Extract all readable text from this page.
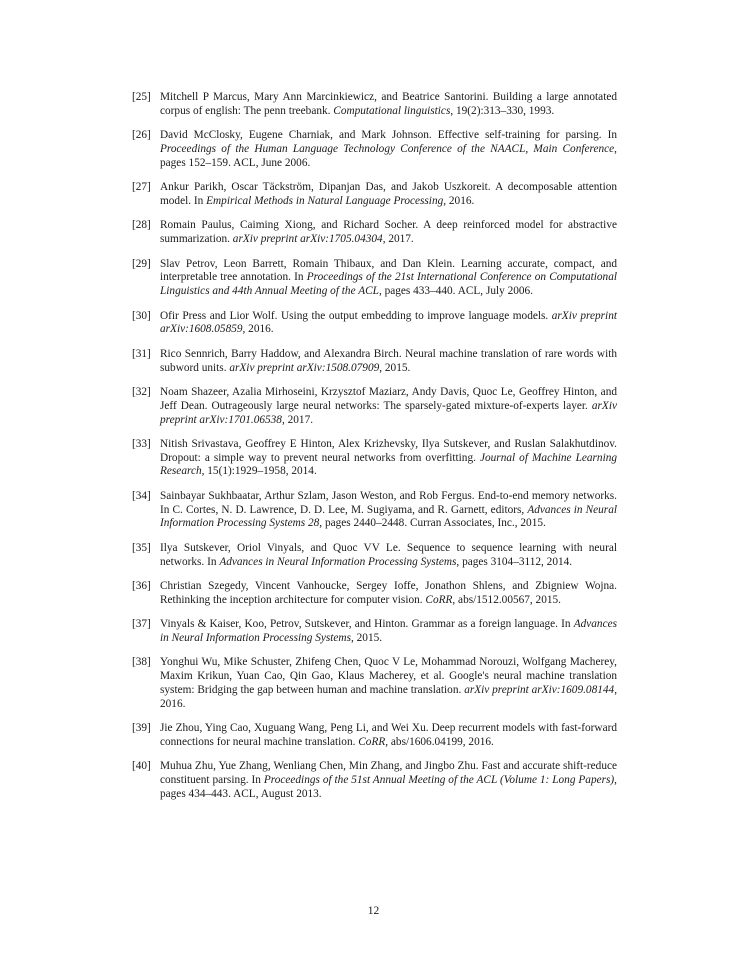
[25] Mitchell P Marcus, Mary Ann Marcinkiewicz, and Beatrice Santorini. Building a large annotated corpus of english: The penn treebank. Computational linguistics, 19(2):313–330, 1993.
[26] David McClosky, Eugene Charniak, and Mark Johnson. Effective self-training for parsing. In Proceedings of the Human Language Technology Conference of the NAACL, Main Conference, pages 152–159. ACL, June 2006.
[27] Ankur Parikh, Oscar Täckström, Dipanjan Das, and Jakob Uszkoreit. A decomposable attention model. In Empirical Methods in Natural Language Processing, 2016.
[28] Romain Paulus, Caiming Xiong, and Richard Socher. A deep reinforced model for abstractive summarization. arXiv preprint arXiv:1705.04304, 2017.
[29] Slav Petrov, Leon Barrett, Romain Thibaux, and Dan Klein. Learning accurate, compact, and interpretable tree annotation. In Proceedings of the 21st International Conference on Computational Linguistics and 44th Annual Meeting of the ACL, pages 433–440. ACL, July 2006.
[30] Ofir Press and Lior Wolf. Using the output embedding to improve language models. arXiv preprint arXiv:1608.05859, 2016.
[31] Rico Sennrich, Barry Haddow, and Alexandra Birch. Neural machine translation of rare words with subword units. arXiv preprint arXiv:1508.07909, 2015.
[32] Noam Shazeer, Azalia Mirhoseini, Krzysztof Maziarz, Andy Davis, Quoc Le, Geoffrey Hinton, and Jeff Dean. Outrageously large neural networks: The sparsely-gated mixture-of-experts layer. arXiv preprint arXiv:1701.06538, 2017.
[33] Nitish Srivastava, Geoffrey E Hinton, Alex Krizhevsky, Ilya Sutskever, and Ruslan Salakhutdinov. Dropout: a simple way to prevent neural networks from overfitting. Journal of Machine Learning Research, 15(1):1929–1958, 2014.
[34] Sainbayar Sukhbaatar, Arthur Szlam, Jason Weston, and Rob Fergus. End-to-end memory networks. In C. Cortes, N. D. Lawrence, D. D. Lee, M. Sugiyama, and R. Garnett, editors, Advances in Neural Information Processing Systems 28, pages 2440–2448. Curran Associates, Inc., 2015.
[35] Ilya Sutskever, Oriol Vinyals, and Quoc VV Le. Sequence to sequence learning with neural networks. In Advances in Neural Information Processing Systems, pages 3104–3112, 2014.
[36] Christian Szegedy, Vincent Vanhoucke, Sergey Ioffe, Jonathon Shlens, and Zbigniew Wojna. Rethinking the inception architecture for computer vision. CoRR, abs/1512.00567, 2015.
[37] Vinyals & Kaiser, Koo, Petrov, Sutskever, and Hinton. Grammar as a foreign language. In Advances in Neural Information Processing Systems, 2015.
[38] Yonghui Wu, Mike Schuster, Zhifeng Chen, Quoc V Le, Mohammad Norouzi, Wolfgang Macherey, Maxim Krikun, Yuan Cao, Qin Gao, Klaus Macherey, et al. Google's neural machine translation system: Bridging the gap between human and machine translation. arXiv preprint arXiv:1609.08144, 2016.
[39] Jie Zhou, Ying Cao, Xuguang Wang, Peng Li, and Wei Xu. Deep recurrent models with fast-forward connections for neural machine translation. CoRR, abs/1606.04199, 2016.
[40] Muhua Zhu, Yue Zhang, Wenliang Chen, Min Zhang, and Jingbo Zhu. Fast and accurate shift-reduce constituent parsing. In Proceedings of the 51st Annual Meeting of the ACL (Volume 1: Long Papers), pages 434–443. ACL, August 2013.
12
